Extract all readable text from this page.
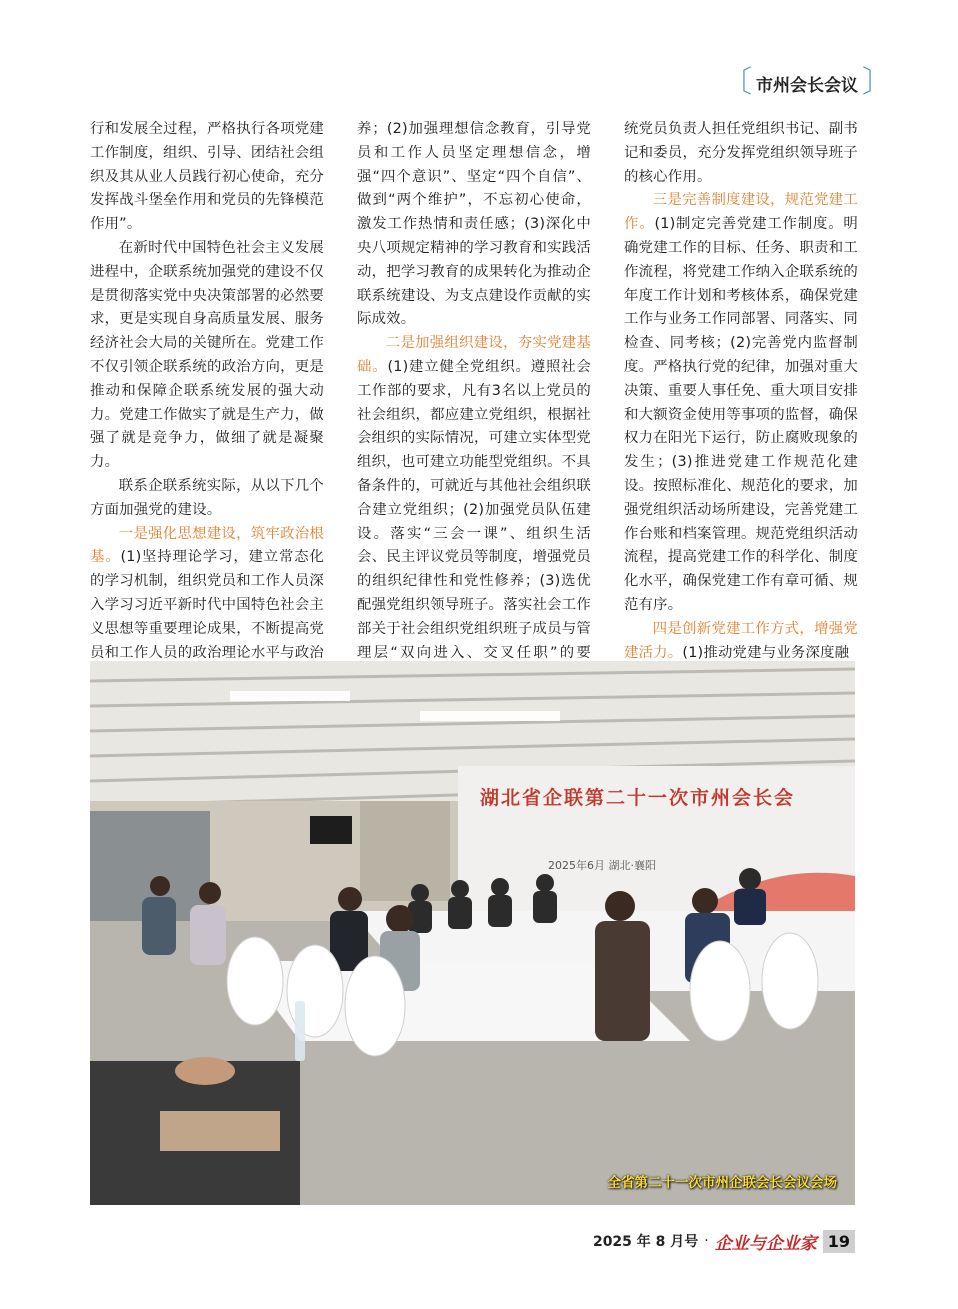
〔 市州会长会议 〕

行和发展全过程，严格执行各项党建工作制度，组织、引导、团结社会组织及其从业人员践行初心使命，充分发挥战斗堡垒作用和党员的先锋模范作用”。

在新时代中国特色社会主义发展进程中，企联系统加强党的建设不仅是贯彻落实党中央决策部署的必然要求，更是实现自身高质量发展、服务经济社会大局的关键所在。党建工作不仅引领企联系统的政治方向，更是推动和保障企联系统发展的强大动力。党建工作做实了就是生产力，做强了就是竞争力，做细了就是凝聚力。

联系企联系统实际，从以下几个方面加强党的建设。

一是强化思想建设，筑牢政治根基。(1)坚持理论学习，建立常态化的学习机制，组织党员和工作人员深入学习习近平新时代中国特色社会主义思想等重要理论成果，不断提高党员和工作人员的政治理论水平与政治

养；(2)加强理想信念教育，引导党员和工作人员坚定理想信念，增强“四个意识”、坚定“四个自信”、做到“两个维护”，不忘初心使命，激发工作热情和责任感；(3)深化中央八项规定精神的学习教育和实践活动，把学习教育的成果转化为推动企联系统建设、为支点建设作贡献的实际成效。

二是加强组织建设，夯实党建基础。(1)建立健全党组织。遵照社会工作部的要求，凡有3名以上党员的社会组织，都应建立党组织，根据社会组织的实际情况，可建立实体型党组织，也可建立功能型党组织。不具备条件的，可就近与其他社会组织联合建立党组织；(2)加强党员队伍建设。落实“三会一课”、组织生活会、民主评议党员等制度，增强党员的组织纪律性和党性修养；(3)选优配强党组织领导班子。落实社会工作部关于社会组织党组织班子成员与管理层“双向进入、交叉任职”的要

统党员负责人担任党组织书记、副书记和委员，充分发挥党组织领导班子的核心作用。

三是完善制度建设，规范党建工作。(1)制定完善党建工作制度。明确党建工作的目标、任务、职责和工作流程，将党建工作纳入企联系统的年度工作计划和考核体系，确保党建工作与业务工作同部署、同落实、同检查、同考核；(2)完善党内监督制度。严格执行党的纪律，加强对重大决策、重要人事任免、重大项目安排和大额资金使用等事项的监督，确保权力在阳光下运行，防止腐败现象的发生；(3)推进党建工作规范化建设。按照标准化、规范化的要求，加强党组织活动场所建设，完善党建工作台账和档案管理。规范党组织活动流程，提高党建工作的科学化、制度化水平，确保党建工作有章可循、规范有序。

四是创新党建工作方式，增强党建活力。(1)推动党建与业务深度融

湖北省企联第二十一次市州会长会
2025年6月 湖北·襄阳
全省第二十一次市州企联会长会议会场
2025 年 8 月号 · 企业与企业家 19
